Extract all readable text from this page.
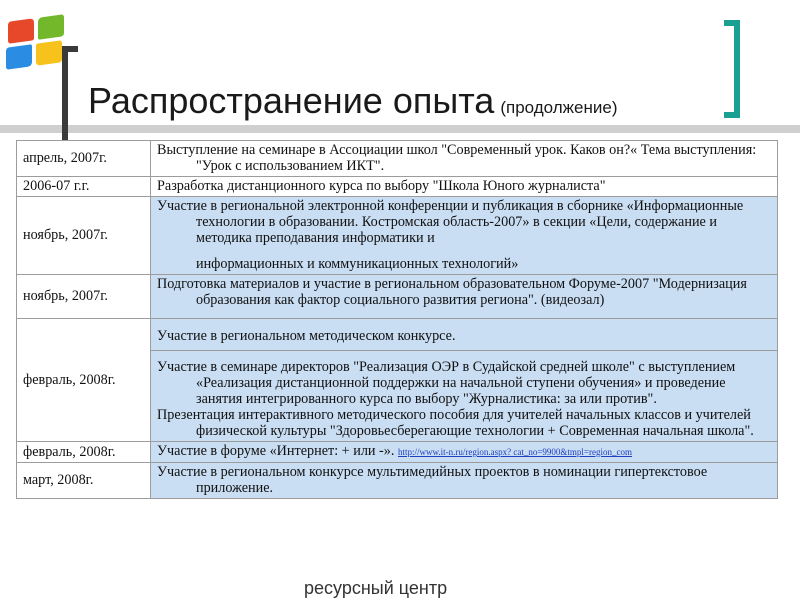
Распространение опыта (продолжение)
апрель, 2007г.	Выступление на семинаре в Ассоциации школ "Современный урок. Каков он?« Тема выступления: "Урок с использованием ИКТ".

2006-07 г.г.	Разработка дистанционного курса по выбору "Школа Юного журналиста"

ноябрь, 2007г.	Участие в региональной электронной конференции и публикация в сборнике «Информационные технологии в образовании. Костромская область-2007» в секции «Цели, содержание и методика преподавания информатики и

информационных и коммуникационных технологий»

ноябрь, 2007г.	Подготовка материалов и участие в региональном образовательном Форуме-2007 "Модернизация образования как фактор социального развития региона". (видеозал)

февраль, 2008г.	Участие в региональном методическом конкурсе.

	Участие в семинаре директоров "Реализация ОЭР в Судайской средней школе" с выступлением «Реализация дистанционной поддержки на начальной ступени обучения» и проведение занятия интегрированного курса по выбору "Журналистика: за или против".

Презентация интерактивного методического пособия для учителей начальных классов и учителей физической культуры "Здоровьесберегающие технологии + Современная начальная школа".

февраль, 2008г.	Участие в форуме «Интернет: + или -». http://www.it-n.ru/region.aspx? cat_no=9900&tmpl=region_com
март, 2008г.	Участие в региональном конкурсе мультимедийных проектов в номинации гипертекстовое приложение.

ресурсный центр
